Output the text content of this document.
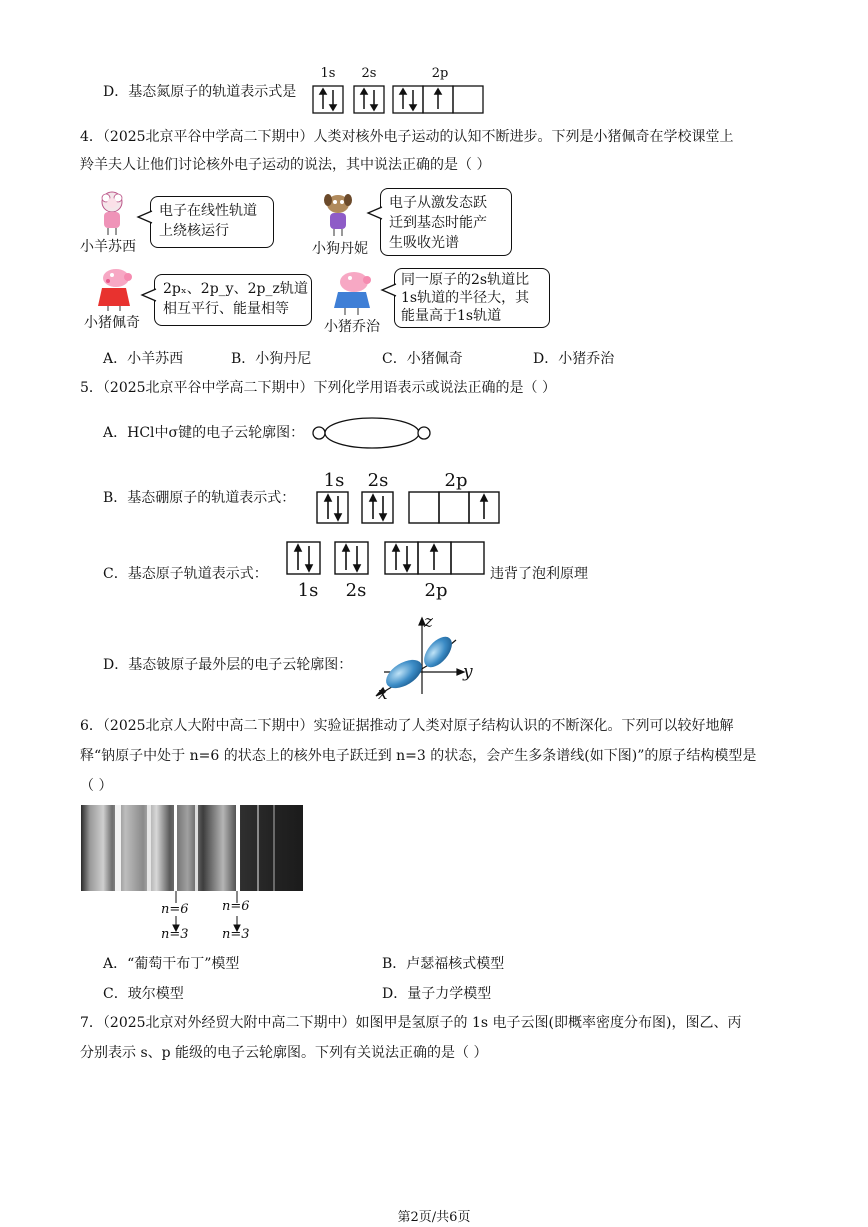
D．基态氮原子的轨道表示式是
1s	2s	2p
4．（2025北京平谷中学高二下期中）人类对核外电子运动的认知不断进步。下列是小猪佩奇在学校课堂上
羚羊夫人让他们讨论核外电子运动的说法，其中说法正确的是（ ）
小羊苏西
电子在线性轨道
上绕核运行
小狗丹妮
电子从激发态跃
迁到基态时能产
生吸收光谱
小猪佩奇
2pₓ、2p_y、2p_z轨道
相互平行、能量相等
小猪乔治
同一原子的2s轨道比
1s轨道的半径大，其
能量高于1s轨道
A．小羊苏西	B．小狗丹尼	C．小猪佩奇	D．小猪乔治
5．（2025北京平谷中学高二下期中）下列化学用语表示或说法正确的是（ ）
A．HCl中σ键的电子云轮廓图：
1s	2s	2p
B．基态硼原子的轨道表示式：
C．基态原子轨道表示式：
1s	2s	2p
违背了泡利原理
D．基态铍原子最外层的电子云轮廓图：
z
y
x
6．（2025北京人大附中高二下期中）实验证据推动了人类对原子结构认识的不断深化。下列可以较好地解
释“钠原子中处于 n=6 的状态上的核外电子跃迁到 n=3 的状态，会产生多条谱线(如下图)”的原子结构模型是
（ ）
n=6	n=6
n=3	n=3
A．“葡萄干布丁”模型	B．卢瑟福核式模型
C．玻尔模型	D．量子力学模型
7．（2025北京对外经贸大附中高二下期中）如图甲是氢原子的 1s 电子云图(即概率密度分布图)，图乙、丙
分别表示 s、p 能级的电子云轮廓图。下列有关说法正确的是（ ）
第2页/共6页
